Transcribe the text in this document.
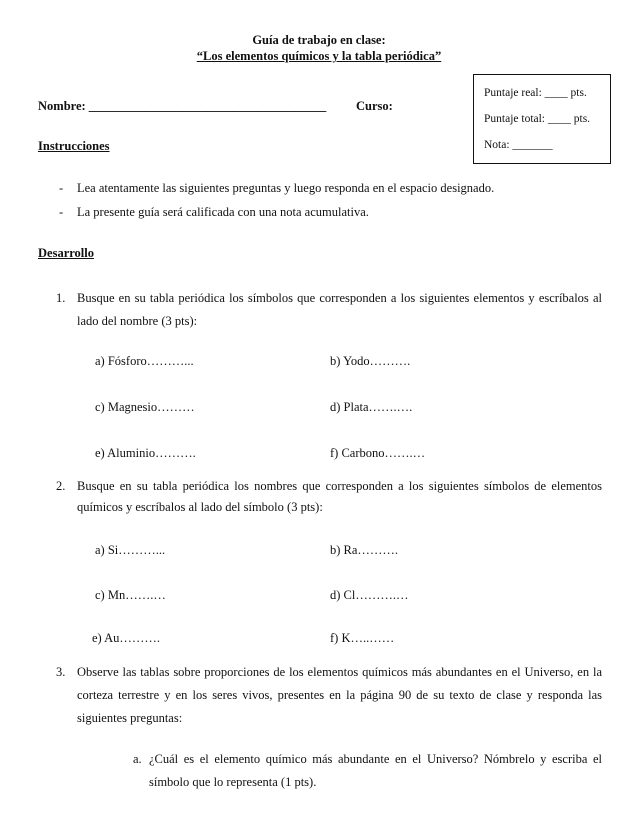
Guía de trabajo en clase:
“Los elementos químicos y la tabla periódica”
Puntaje real: ____ pts.
Puntaje total: ____ pts.
Nota: _______
Nombre: ______________________________________ Curso:
Instrucciones
- Lea atentamente las siguientes preguntas y luego responda en el espacio designado.
- La presente guía será calificada con una nota acumulativa.
Desarrollo
1. Busque en su tabla periódica los símbolos que corresponden a los siguientes elementos y escríbalos al
lado del nombre (3 pts):
a) Fósforo………...	b) Yodo……….
c) Magnesio………	d) Plata…….….
e) Aluminio……….	f) Carbono…….…
2. Busque en su tabla periódica los nombres que corresponden a los siguientes símbolos de elementos
químicos y escríbalos al lado del símbolo (3 pts):
a) Si………...	b) Ra……….
c) Mn…….…	d) Cl……….…
e) Au……….	f) K…..……
3. Observe las tablas sobre proporciones de los elementos químicos más abundantes en el Universo, en la
corteza terrestre y en los seres vivos, presentes en la página 90 de su texto de clase y responda las
siguientes preguntas:
a. ¿Cuál es el elemento químico más abundante en el Universo? Nómbrelo y escriba el
símbolo que lo representa (1 pts).
